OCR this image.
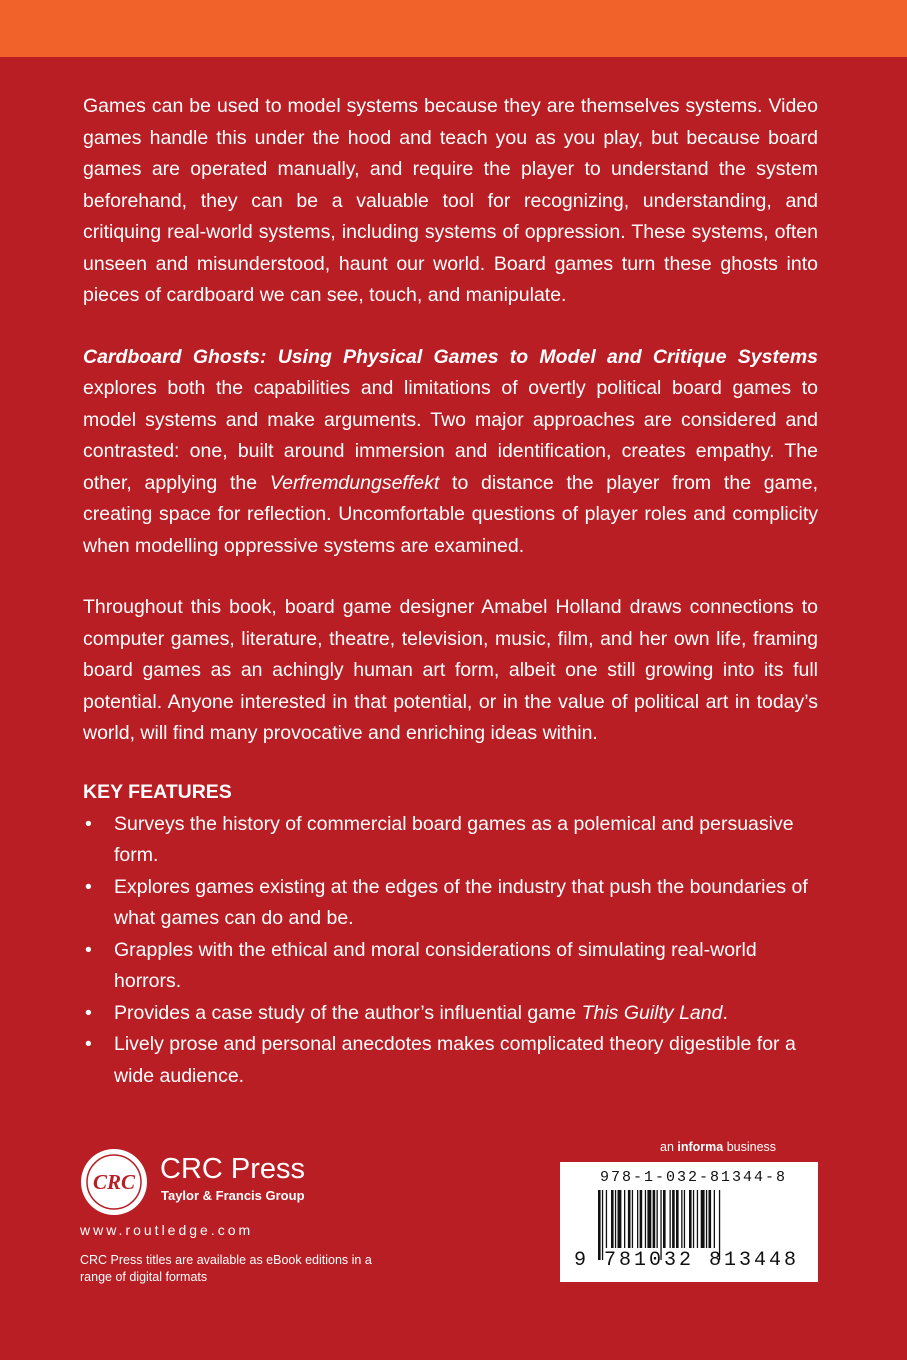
Games can be used to model systems because they are themselves systems. Video games handle this under the hood and teach you as you play, but because board games are operated manually, and require the player to understand the system beforehand, they can be a valuable tool for recognizing, understanding, and critiquing real-world systems, including systems of oppression. These systems, often unseen and misunderstood, haunt our world. Board games turn these ghosts into pieces of cardboard we can see, touch, and manipulate.

Cardboard Ghosts: Using Physical Games to Model and Critique Systems explores both the capabilities and limitations of overtly political board games to model systems and make arguments. Two major approaches are considered and contrasted: one, built around immersion and identification, creates empathy. The other, applying the Verfremdungseffekt to distance the player from the game, creating space for reflection. Uncomfortable questions of player roles and complicity when modelling oppressive systems are examined.

Throughout this book, board game designer Amabel Holland draws connections to computer games, literature, theatre, television, music, film, and her own life, framing board games as an achingly human art form, albeit one still growing into its full potential. Anyone interested in that potential, or in the value of political art in today’s world, will find many provocative and enriching ideas within.

KEY FEATURES
• Surveys the history of commercial board games as a polemical and persuasive form.
• Explores games existing at the edges of the industry that push the boundaries of what games can do and be.
• Grapples with the ethical and moral considerations of simulating real-world horrors.
• Provides a case study of the author’s influential game This Guilty Land.
• Lively prose and personal anecdotes makes complicated theory digestible for a wide audience.
CRC CRC Press
Taylor & Francis Group
www.routledge.com
CRC Press titles are available as eBook editions in a range of digital formats
an informa business
978-1-032-81344-8
9 781032 813448
